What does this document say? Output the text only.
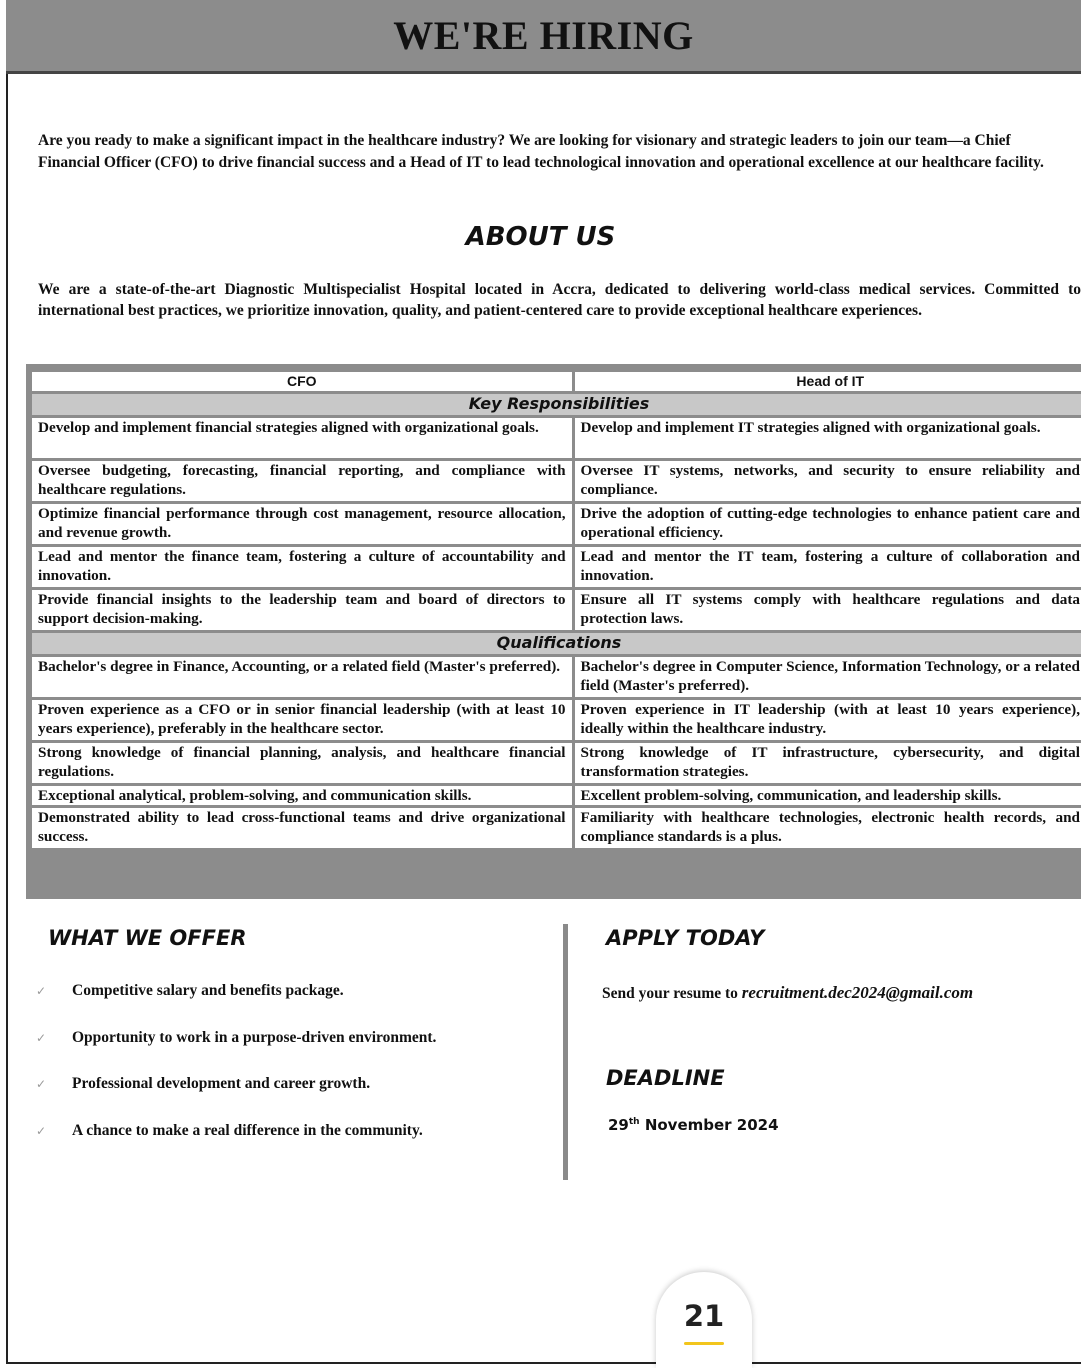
WE'RE HIRING
Are you ready to make a significant impact in the healthcare industry? We are looking for visionary and strategic leaders to join our team—a Chief Financial Officer (CFO) to drive financial success and a Head of IT to lead technological innovation and operational excellence at our healthcare facility.
ABOUT US
We are a state-of-the-art Diagnostic Multispecialist Hospital located in Accra, dedicated to delivering world-class medical services. Committed to international best practices, we prioritize innovation, quality, and patient-centered care to provide exceptional healthcare experiences.
CFO	Head of IT
Key Responsibilities	
Develop and implement financial strategies aligned with organizational goals.	Develop and implement IT strategies aligned with organizational goals.
Oversee budgeting, forecasting, financial reporting, and compliance with healthcare regulations.	Oversee IT systems, networks, and security to ensure reliability and compliance.
Optimize financial performance through cost management, resource allocation, and revenue growth.	Drive the adoption of cutting-edge technologies to enhance patient care and operational efficiency.
Lead and mentor the finance team, fostering a culture of accountability and innovation.	Lead and mentor the IT team, fostering a culture of collaboration and innovation.
Provide financial insights to the leadership team and board of directors to support decision-making.	Ensure all IT systems comply with healthcare regulations and data protection laws.
Qualifications	
Bachelor's degree in Finance, Accounting, or a related field (Master's preferred).	Bachelor's degree in Computer Science, Information Technology, or a related field (Master's preferred).
Proven experience as a CFO or in senior financial leadership (with at least 10 years experience), preferably in the healthcare sector.	Proven experience in IT leadership (with at least 10 years experience), ideally within the healthcare industry.
Strong knowledge of financial planning, analysis, and healthcare financial regulations.	Strong knowledge of IT infrastructure, cybersecurity, and digital transformation strategies.
Exceptional analytical, problem-solving, and communication skills.	Excellent problem-solving, communication, and leadership skills.
Demonstrated ability to lead cross-functional teams and drive organizational success.	Familiarity with healthcare technologies, electronic health records, and compliance standards is a plus.
WHAT WE OFFER
✓	Competitive salary and benefits package.
✓	Opportunity to work in a purpose-driven environment.
✓	Professional development and career growth.
✓	A chance to make a real difference in the community.
APPLY TODAY
Send your resume to recruitment.dec2024@gmail.com
DEADLINE
29th November 2024
21
